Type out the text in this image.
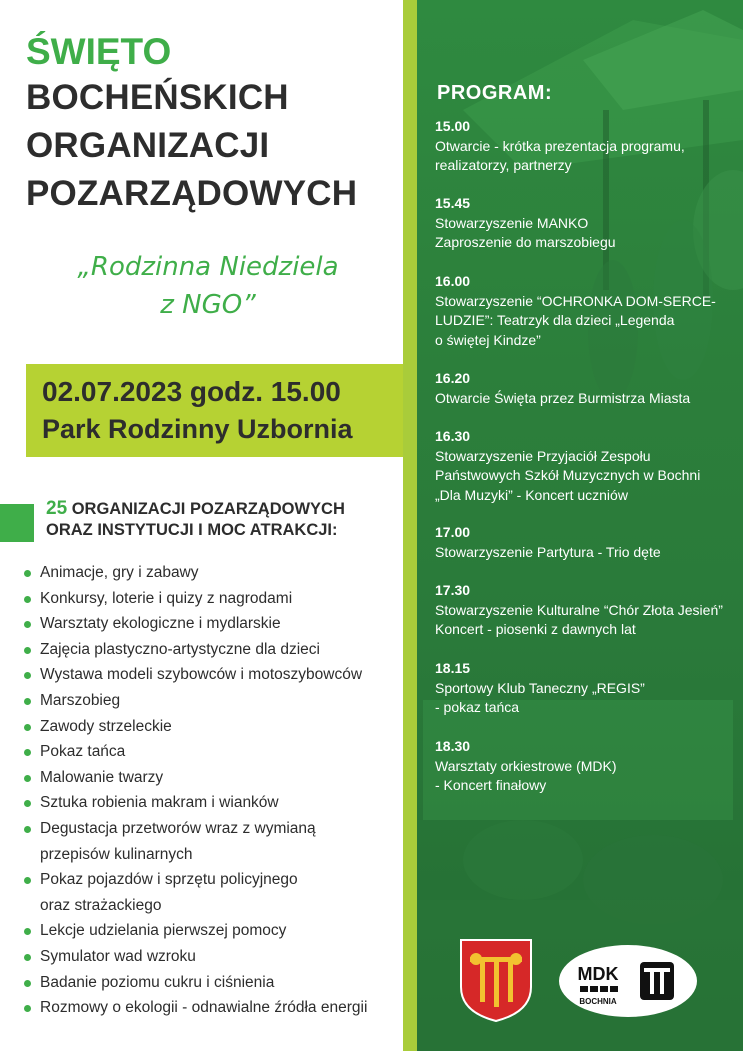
ŚWIĘTO
BOCHEŃSKICH
ORGANIZACJI
POZARZĄDOWYCH
„Rodzinna Niedziela
z NGO”
02.07.2023 godz. 15.00
Park Rodzinny Uzbornia
25 ORGANIZACJI POZARZĄDOWYCH
ORAZ INSTYTUCJI I MOC ATRAKCJI:
Animacje, gry i zabawy
Konkursy, loterie i quizy z nagrodami
Warsztaty ekologiczne i mydlarskie
Zajęcia plastyczno-artystyczne dla dzieci
Wystawa modeli szybowców i motoszybowców
Marszobieg
Zawody strzeleckie
Pokaz tańca
Malowanie twarzy
Sztuka robienia makram i wianków
Degustacja przetworów wraz z wymianą
przepisów kulinarnych
Pokaz pojazdów i sprzętu policyjnego
oraz strażackiego
Lekcje udzielania pierwszej pomocy
Symulator wad wzroku
Badanie poziomu cukru i ciśnienia
Rozmowy o ekologii - odnawialne źródła energii
PROGRAM:
15.00
Otwarcie - krótka prezentacja programu,
realizatorzy, partnerzy
15.45
Stowarzyszenie MANKO
Zaproszenie do marszobiegu
16.00
Stowarzyszenie “OCHRONKA DOM-SERCE-
LUDZIE”: Teatrzyk dla dzieci „Legenda
o świętej Kindze”
16.20
Otwarcie Święta przez Burmistrza Miasta
16.30
Stowarzyszenie Przyjaciół Zespołu
Państwowych Szkół Muzycznych w Bochni
„Dla Muzyki” - Koncert uczniów
17.00
Stowarzyszenie Partytura - Trio dęte
17.30
Stowarzyszenie Kulturalne “Chór Złota Jesień”
Koncert - piosenki z dawnych lat
18.15
Sportowy Klub Taneczny „REGIS”
- pokaz tańca
18.30
Warsztaty orkiestrowe (MDK)
- Koncert finałowy
MDK
BOCHNIA
